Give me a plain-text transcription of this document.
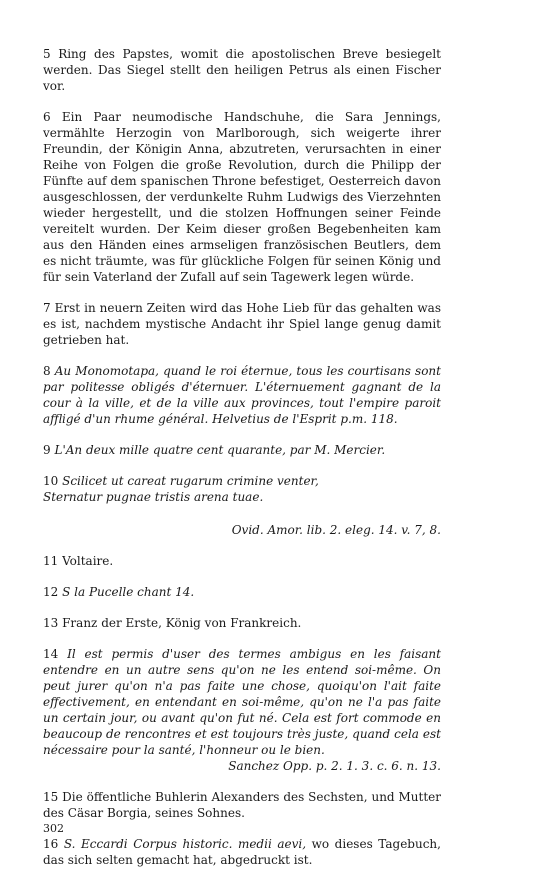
5 Ring des Papstes, womit die apostolischen Breve besiegelt werden. Das Siegel stellt den heiligen Petrus als einen Fischer vor.

6 Ein Paar neumodische Handschuhe, die Sara Jennings, vermählte Herzogin von Marlborough, sich weigerte ihrer Freundin, der Königin Anna, abzutreten, verursachten in einer Reihe von Folgen die große Revolution, durch die Philipp der Fünfte auf dem spanischen Throne befestiget, Oesterreich davon ausgeschlossen, der verdunkelte Ruhm Ludwigs des Vierzehnten wieder hergestellt, und die stolzen Hoffnungen seiner Feinde vereitelt wurden. Der Keim dieser großen Begebenheiten kam aus den Händen eines armseligen französischen Beutlers, dem es nicht träumte, was für glückliche Folgen für seinen König und für sein Vaterland der Zufall auf sein Tagewerk legen würde.

7 Erst in neuern Zeiten wird das Hohe Lieb für das gehalten was es ist, nachdem mystische Andacht ihr Spiel lange genug damit getrieben hat.

8 Au Monomotapa, quand le roi éternue, tous les courtisans sont par politesse obligés d'éternuer. L'éternuement gagnant de la cour à la ville, et de la ville aux provinces, tout l'empire paroit affligé d'un rhume général. Helvetius de l'Esprit p.m. 118.

9 L'An deux mille quatre cent quarante, par M. Mercier.

10 Scilicet ut careat rugarum crimine venter,
Sternatur pugnae tristis arena tuae.

Ovid. Amor. lib. 2. eleg. 14. v. 7, 8.

11 Voltaire.

12 S la Pucelle chant 14.

13 Franz der Erste, König von Frankreich.

14 Il est permis d'user des termes ambigus en les faisant entendre en un autre sens qu'on ne les entend soi-même. On peut jurer qu'on n'a pas faite une chose, quoiqu'on l'ait faite effectivement, en entendant en soi-même, qu'on ne l'a pas faite un certain jour, ou avant qu'on fut né. Cela est fort commode en beaucoup de rencontres et est toujours très juste, quand cela est nécessaire pour la santé, l'honneur ou le bien.
Sanchez Opp. p. 2. 1. 3. c. 6. n. 13.

15 Die öffentliche Buhlerin Alexanders des Sechsten, und Mutter des Cäsar Borgia, seines Sohnes.

16 S. Eccardi Corpus historic. medii aevi, wo dieses Tagebuch, das sich selten gemacht hat, abgedruckt ist.

302
